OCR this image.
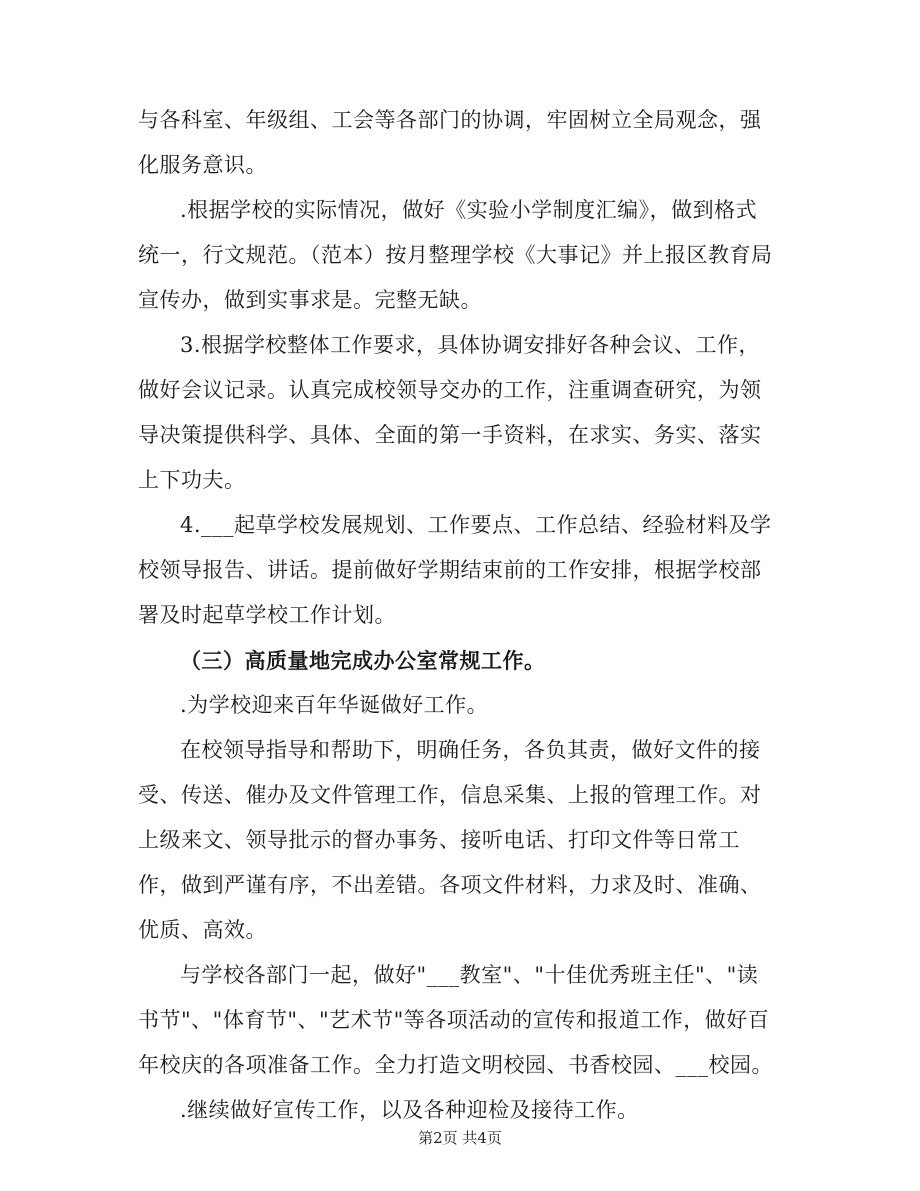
与各科室、年级组、工会等各部门的协调，牢固树立全局观念，强化服务意识。

.根据学校的实际情况，做好《实验小学制度汇编》，做到格式统一，行文规范。（范本）按月整理学校《大事记》并上报区教育局宣传办，做到实事求是。完整无缺。

3.根据学校整体工作要求，具体协调安排好各种会议、工作，做好会议记录。认真完成校领导交办的工作，注重调查研究，为领导决策提供科学、具体、全面的第一手资料，在求实、务实、落实上下功夫。

4.___起草学校发展规划、工作要点、工作总结、经验材料及学校领导报告、讲话。提前做好学期结束前的工作安排，根据学校部署及时起草学校工作计划。

（三）高质量地完成办公室常规工作。

.为学校迎来百年华诞做好工作。

在校领导指导和帮助下，明确任务，各负其责，做好文件的接受、传送、催办及文件管理工作，信息采集、上报的管理工作。对上级来文、领导批示的督办事务、接听电话、打印文件等日常工作，做到严谨有序，不出差错。各项文件材料，力求及时、准确、优质、高效。

与学校各部门一起，做好"___教室"、"十佳优秀班主任"、"读书节"、"体育节"、"艺术节"等各项活动的宣传和报道工作，做好百年校庆的各项准备工作。全力打造文明校园、书香校园、___校园。

.继续做好宣传工作，以及各种迎检及接待工作。

第2页 共4页
